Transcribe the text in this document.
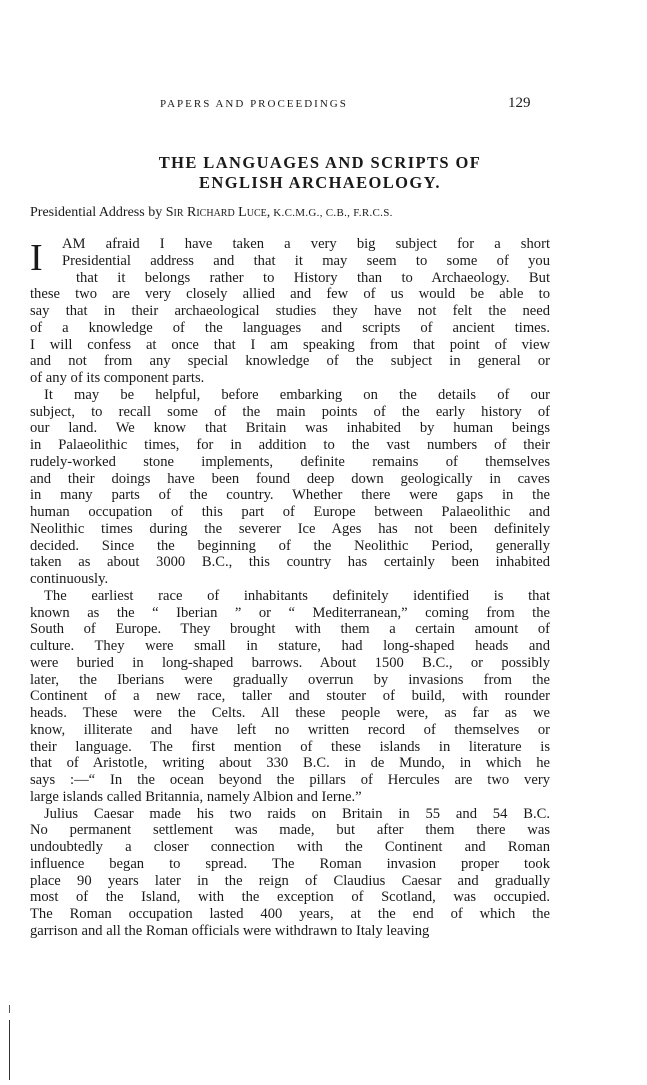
PAPERS AND PROCEEDINGS	129
THE LANGUAGES AND SCRIPTS OF
ENGLISH ARCHAEOLOGY.
Presidential Address by Sir Richard Luce, K.C.M.G., C.B., F.R.C.S.
I	AM afraid I have taken a very big subject for a short
Presidential address and that it may seem to some of you
that it belongs rather to History than to Archaeology. But
these two are very closely allied and few of us would be able to
say that in their archaeological studies they have not felt the need
of a knowledge of the languages and scripts of ancient times.
I will confess at once that I am speaking from that point of view
and not from any special knowledge of the subject in general or
of any of its component parts.
It may be helpful, before embarking on the details of our
subject, to recall some of the main points of the early history of
our land. We know that Britain was inhabited by human beings
in Palaeolithic times, for in addition to the vast numbers of their
rudely-worked stone implements, definite remains of themselves
and their doings have been found deep down geologically in caves
in many parts of the country. Whether there were gaps in the
human occupation of this part of Europe between Palaeolithic and
Neolithic times during the severer Ice Ages has not been definitely
decided. Since the beginning of the Neolithic Period, generally
taken as about 3000 B.C., this country has certainly been inhabited
continuously.
The earliest race of inhabitants definitely identified is that
known as the “ Iberian ” or “ Mediterranean,” coming from the
South of Europe. They brought with them a certain amount of
culture. They were small in stature, had long-shaped heads and
were buried in long-shaped barrows. About 1500 B.C., or possibly
later, the Iberians were gradually overrun by invasions from the
Continent of a new race, taller and stouter of build, with rounder
heads. These were the Celts. All these people were, as far as we
know, illiterate and have left no written record of themselves or
their language. The first mention of these islands in literature is
that of Aristotle, writing about 330 B.C. in de Mundo, in which he
says :—“ In the ocean beyond the pillars of Hercules are two very
large islands called Britannia, namely Albion and Ierne.”
Julius Caesar made his two raids on Britain in 55 and 54 B.C.
No permanent settlement was made, but after them there was
undoubtedly a closer connection with the Continent and Roman
influence began to spread. The Roman invasion proper took
place 90 years later in the reign of Claudius Caesar and gradually
most of the Island, with the exception of Scotland, was occupied.
The Roman occupation lasted 400 years, at the end of which the
garrison and all the Roman officials were withdrawn to Italy leaving
